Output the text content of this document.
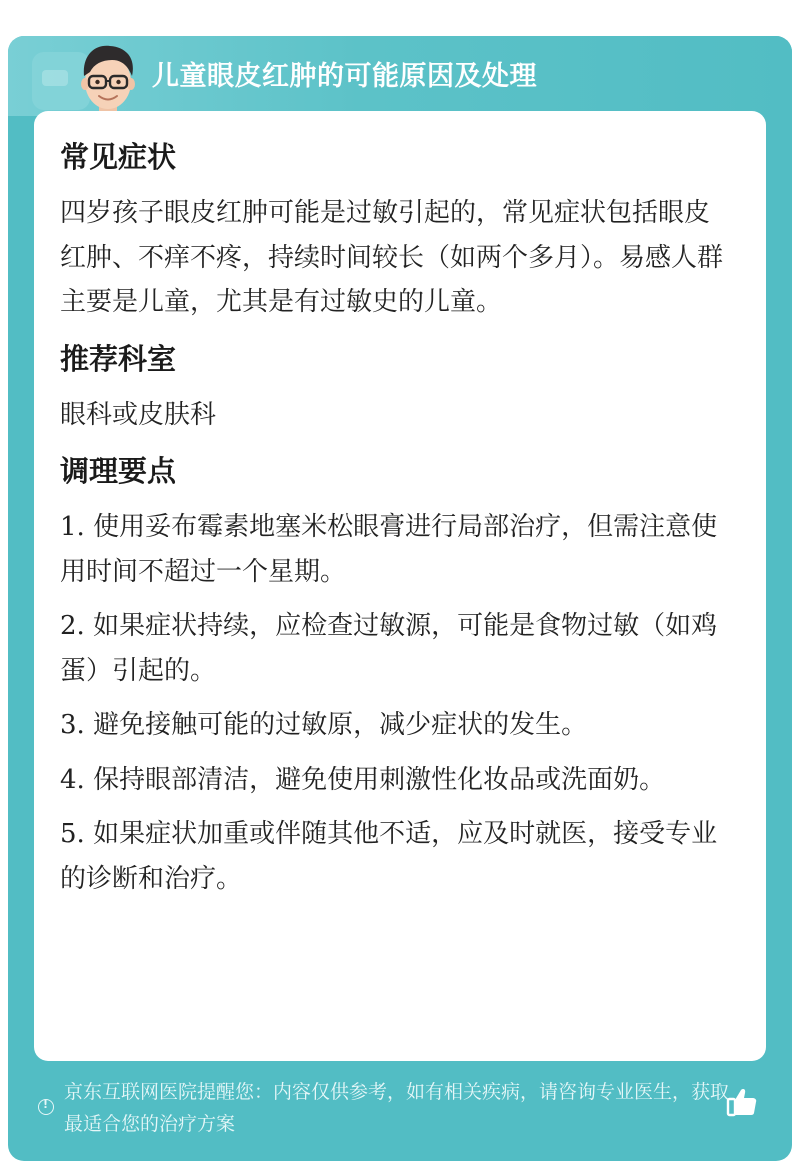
儿童眼皮红肿的可能原因及处理
常见症状

四岁孩子眼皮红肿可能是过敏引起的，常见症状包括眼皮红肿、不痒不疼，持续时间较长（如两个多月）。易感人群主要是儿童，尤其是有过敏史的儿童。

推荐科室

眼科或皮肤科

调理要点

1. 使用妥布霉素地塞米松眼膏进行局部治疗，但需注意使用时间不超过一个星期。

2. 如果症状持续，应检查过敏源，可能是食物过敏（如鸡蛋）引起的。

3. 避免接触可能的过敏原，减少症状的发生。

4. 保持眼部清洁，避免使用刺激性化妆品或洗面奶。

5. 如果症状加重或伴随其他不适，应及时就医，接受专业的诊断和治疗。

!
京东互联网医院提醒您：内容仅供参考，如有相关疾病，请咨询专业医生，获取最适合您的治疗方案
